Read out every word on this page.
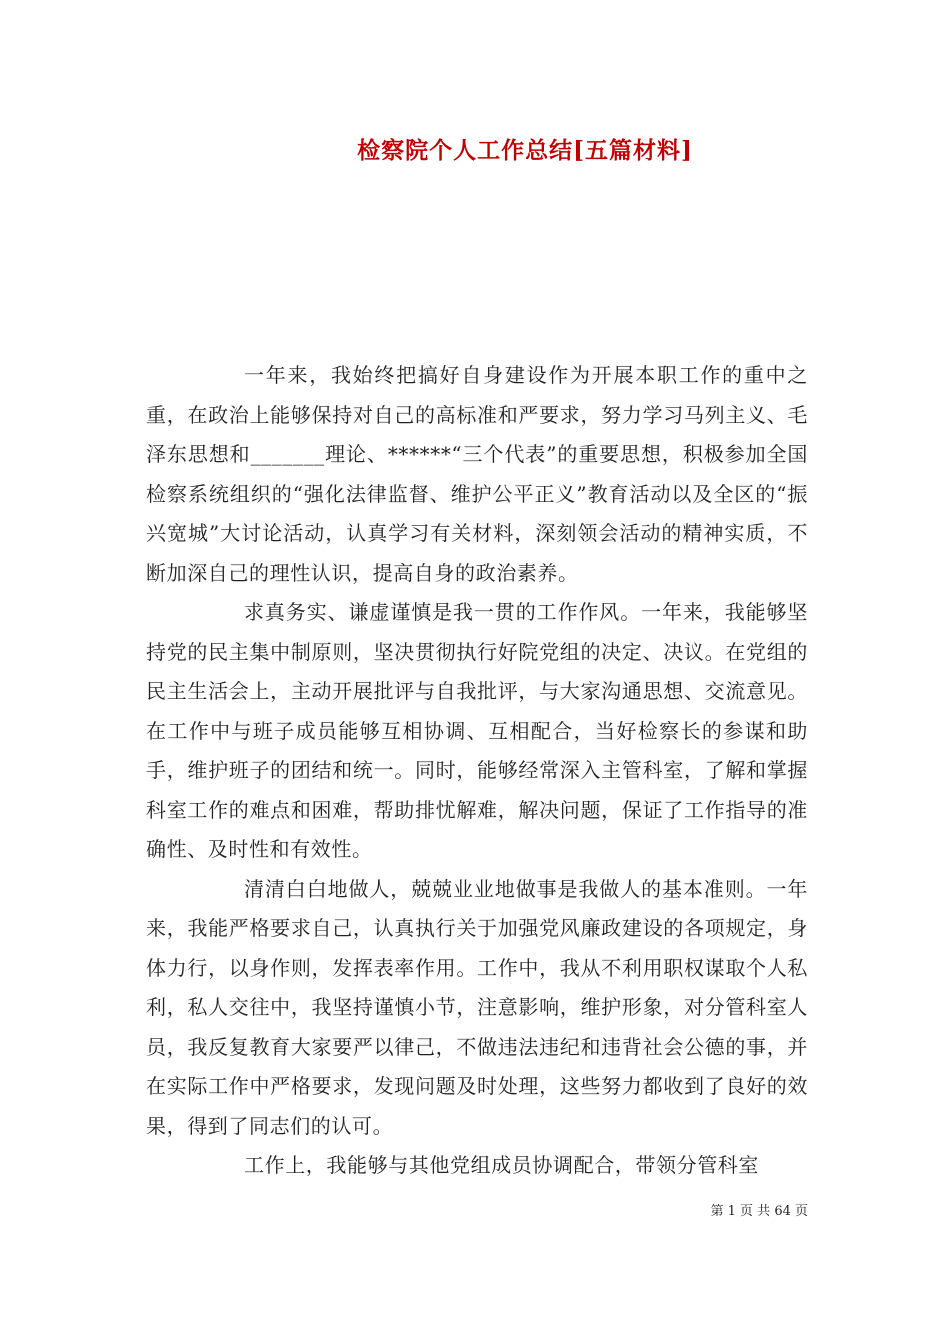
检察院个人工作总结[五篇材料]

一年来，我始终把搞好自身建设作为开展本职工作的重中之重，在政治上能够保持对自己的高标准和严要求，努力学习马列主义、毛泽东思想和_______理论、******“三个代表”的重要思想，积极参加全国检察系统组织的“强化法律监督、维护公平正义”教育活动以及全区的“振兴宽城”大讨论活动，认真学习有关材料，深刻领会活动的精神实质，不断加深自己的理性认识，提高自身的政治素养。

求真务实、谦虚谨慎是我一贯的工作作风。一年来，我能够坚持党的民主集中制原则，坚决贯彻执行好院党组的决定、决议。在党组的民主生活会上，主动开展批评与自我批评，与大家沟通思想、交流意见。在工作中与班子成员能够互相协调、互相配合，当好检察长的参谋和助手，维护班子的团结和统一。同时，能够经常深入主管科室，了解和掌握科室工作的难点和困难，帮助排忧解难，解决问题，保证了工作指导的准确性、及时性和有效性。

清清白白地做人，兢兢业业地做事是我做人的基本准则。一年来，我能严格要求自己，认真执行关于加强党风廉政建设的各项规定，身体力行，以身作则，发挥表率作用。工作中，我从不利用职权谋取个人私利，私人交往中，我坚持谨慎小节，注意影响，维护形象，对分管科室人员，我反复教育大家要严以律己，不做违法违纪和违背社会公德的事，并在实际工作中严格要求，发现问题及时处理，这些努力都收到了良好的效果，得到了同志们的认可。

工作上，我能够与其他党组成员协调配合，带领分管科室

第 1 页 共 64 页
